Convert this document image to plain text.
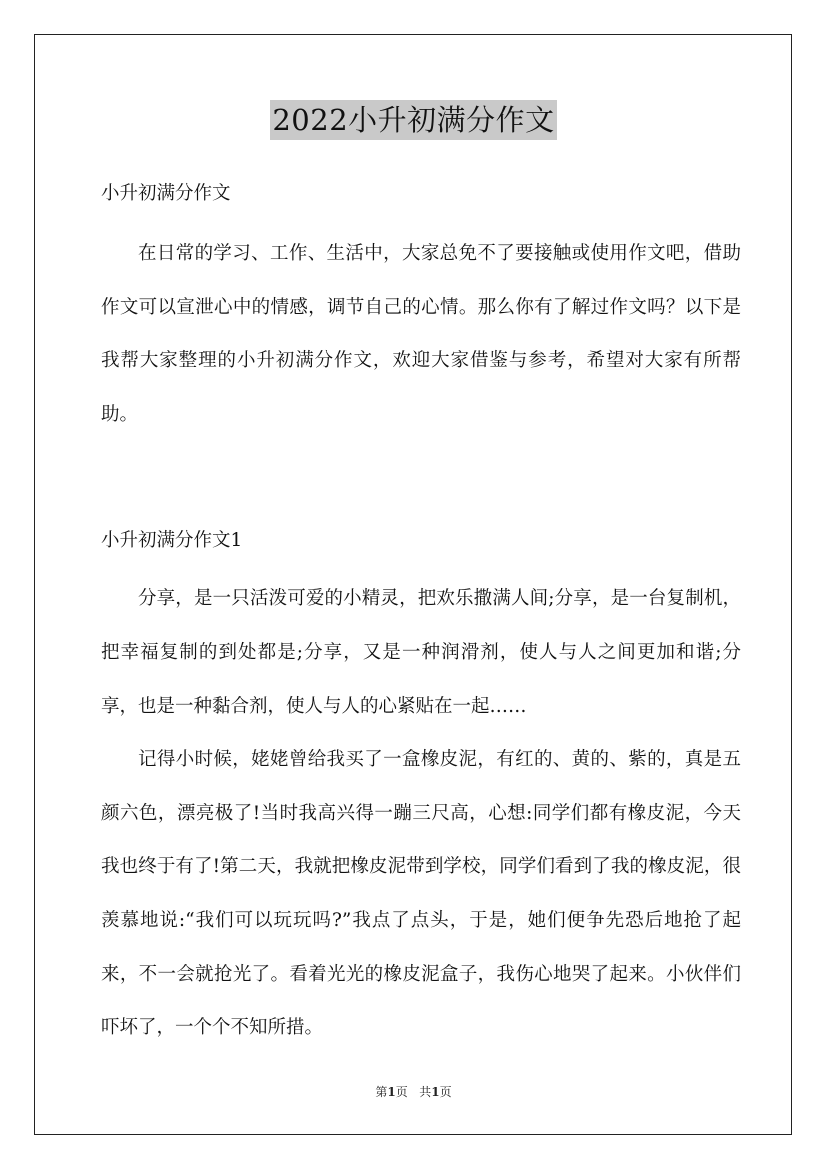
2022小升初满分作文

小升初满分作文

在日常的学习、工作、生活中，大家总免不了要接触或使用作文吧，借助作文可以宣泄心中的情感，调节自己的心情。那么你有了解过作文吗？以下是我帮大家整理的小升初满分作文，欢迎大家借鉴与参考，希望对大家有所帮助。

小升初满分作文1

分享，是一只活泼可爱的小精灵，把欢乐撒满人间;分享，是一台复制机，把幸福复制的到处都是;分享，又是一种润滑剂，使人与人之间更加和谐;分享，也是一种黏合剂，使人与人的心紧贴在一起……

记得小时候，姥姥曾给我买了一盒橡皮泥，有红的、黄的、紫的，真是五颜六色，漂亮极了!当时我高兴得一蹦三尺高，心想:同学们都有橡皮泥，今天我也终于有了!第二天，我就把橡皮泥带到学校，同学们看到了我的橡皮泥，很羡慕地说:“我们可以玩玩吗?”我点了点头，于是，她们便争先恐后地抢了起来，不一会就抢光了。看着光光的橡皮泥盒子，我伤心地哭了起来。小伙伴们吓坏了，一个个不知所措。

第1页 共1页
